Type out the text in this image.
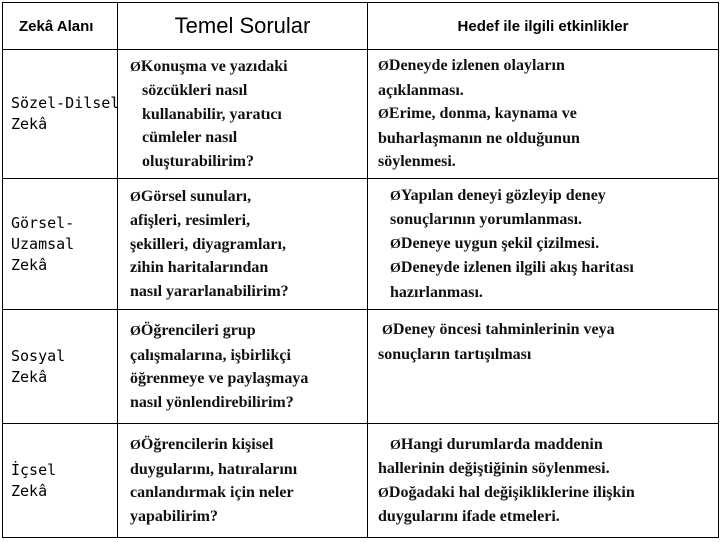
Zekâ Alanı	Temel Sorular	Hedef ile ilgili etkinlikler

Sözel-Dilsel
Zekâ	ØKonuşma ve yazıdaki
sözcükleri nasıl
kullanabilir, yaratıcı
cümleler nasıl
oluşturabilirim?	ØDeneyde izlenen olayların
açıklanması.
ØErime, donma, kaynama ve
buharlaşmanın ne olduğunun
söylenmesi.

Görsel-
Uzamsal
Zekâ	ØGörsel sunuları,
afişleri, resimleri,
şekilleri, diyagramları,
zihin haritalarından
nasıl yararlanabilirim?	ØYapılan deneyi gözleyip deney
sonuçlarının yorumlanması.
ØDeneye uygun şekil çizilmesi.
ØDeneyde izlenen ilgili akış haritası
hazırlanması.

Sosyal
Zekâ	ØÖğrencileri grup
çalışmalarına, işbirlikçi
öğrenmeye ve paylaşmaya
nasıl yönlendirebilirim?	ØDeney öncesi tahminlerinin veya
sonuçların tartışılması

İçsel
Zekâ	ØÖğrencilerin kişisel
duygularını, hatıralarını
canlandırmak için neler
yapabilirim?	ØHangi durumlarda maddenin
hallerinin değiştiğinin söylenmesi.
ØDoğadaki hal değişikliklerine ilişkin
duygularını ifade etmeleri.
